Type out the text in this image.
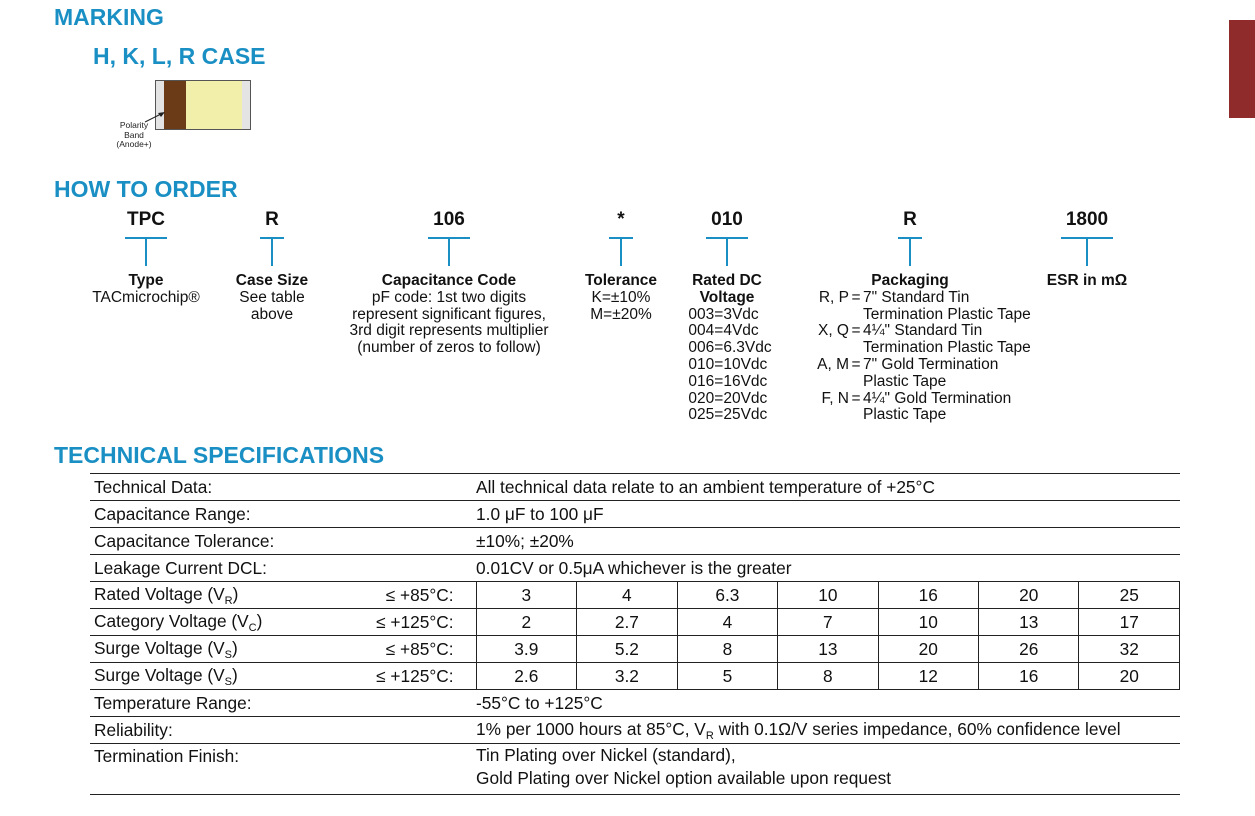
MARKING
H, K, L, R CASE
Polarity
Band
(Anode+)
HOW TO ORDER
TPC	R	106	*	010	R	1800
Type
TACmicrochip®
Case Size
See table
above
Capacitance Code
pF code: 1st two digits
represent significant figures,
3rd digit represents multiplier
(number of zeros to follow)
Tolerance
K=±10%
M=±20%
Rated DC
Voltage
003=3Vdc
004=4Vdc
006=6.3Vdc
010=10Vdc
016=16Vdc
020=20Vdc
025=25Vdc
Packaging
R, P = 7" Standard Tin
Termination Plastic Tape
X, Q = 4¼" Standard Tin
Termination Plastic Tape
A, M = 7" Gold Termination
Plastic Tape
F, N = 4¼" Gold Termination
Plastic Tape
ESR in mΩ
TECHNICAL SPECIFICATIONS
Technical Data:		All technical data relate to an ambient temperature of +25°C						
Capacitance Range:		1.0 μF to 100 μF						
Capacitance Tolerance:		±10%; ±20%						
Leakage Current DCL:		0.01CV or 0.5μA whichever is the greater						
Rated Voltage $(V_R)$	≤ +85°C:	3	4	6.3	10	16	20	25
Category Voltage $(V_C)$	≤ +125°C:	2	2.7	4	7	10	13	17
Surge Voltage $(V_S)$	≤ +85°C:	3.9	5.2	8	13	20	26	32
Surge Voltage $(V_S)$	≤ +125°C:	2.6	3.2	5	8	12	16	20
Temperature Range:		-55°C to +125°C						
Reliability:		1% per 1000 hours at 85°C, $V_R$ with 0.1Ω/V series impedance, 60% confidence level						
Termination Finish:		Tin Plating over Nickel (standard),
Gold Plating over Nickel option available upon request						
